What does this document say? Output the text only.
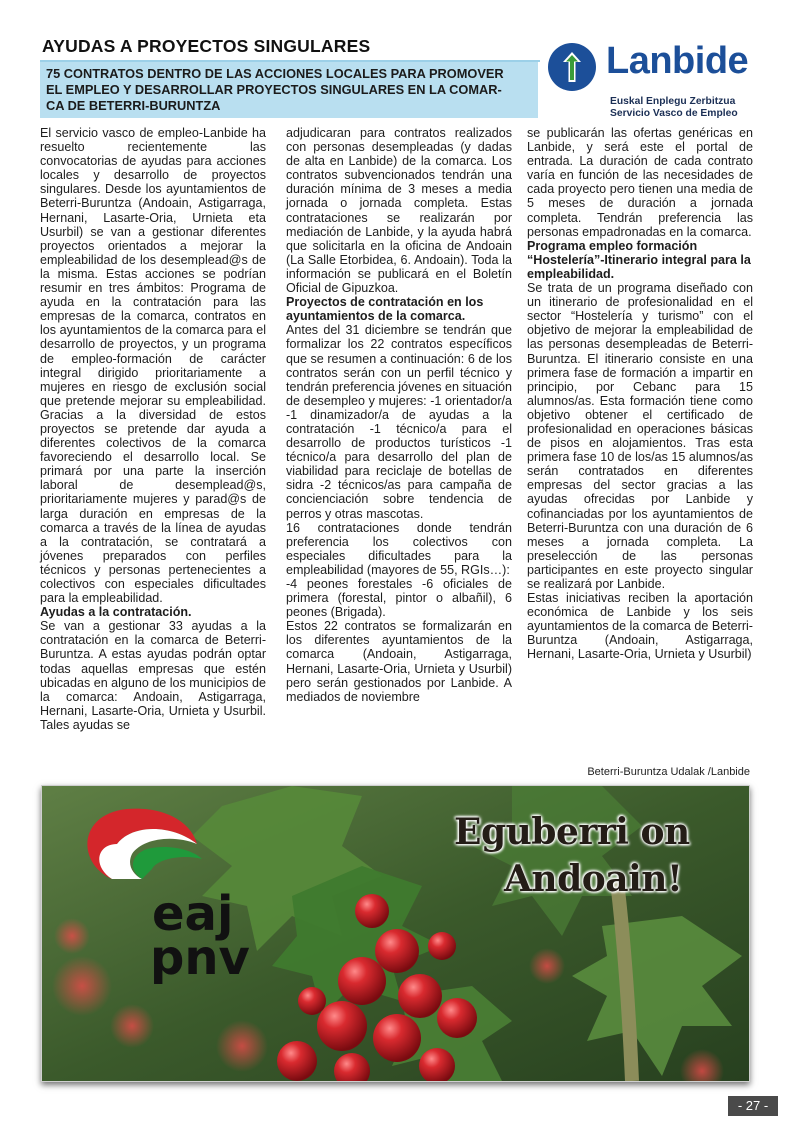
AYUDAS A PROYECTOS SINGULARES
75 CONTRATOS DENTRO DE LAS ACCIONES LOCALES PARA PROMOVER
EL EMPLEO Y DESARROLLAR PROYECTOS SINGULARES EN LA COMAR-
CA DE BETERRI-BURUNTZA
Lanbide
Euskal Enplegu Zerbitzua
Servicio Vasco de Empleo

El servicio vasco de empleo-Lanbide ha resuelto recientemente las convocatorias de ayudas para acciones locales y desarrollo de proyectos singulares. Desde los ayuntamientos de Beterri-Buruntza (Andoain, Astigarraga, Hernani, Lasarte-Oria, Urnieta eta Usurbil) se van a gestionar diferentes proyectos orientados a mejorar la empleabilidad de los desemplead@s de la misma. Estas acciones se podrían resumir en tres ámbitos: Programa de ayuda en la contratación para las empresas de la comarca, contratos en los ayuntamientos de la comarca para el desarrollo de proyectos, y un programa de empleo-formación de carácter integral dirigido prioritariamente a mujeres en riesgo de exclusión social que pretende mejorar su empleabilidad. Gracias a la diversidad de estos proyectos se pretende dar ayuda a diferentes colectivos de la comarca favoreciendo el desarrollo local. Se primará por una parte la inserción laboral de desemplead@s, prioritariamente mujeres y parad@s de larga duración en empresas de la comarca a través de la línea de ayudas a la contratación, se contratará a jóvenes preparados con perfiles técnicos y personas pertenecientes a colectivos con especiales dificultades para la empleabilidad.

Ayudas a la contratación.

Se van a gestionar 33 ayudas a la contratación en la comarca de Beterri-Buruntza. A estas ayudas podrán optar todas aquellas empresas que estén ubicadas en alguno de los municipios de la comarca: Andoain, Astigarraga, Hernani, Lasarte-Oria, Urnieta y Usurbil. Tales ayudas se

adjudicaran para contratos realizados con personas desempleadas (y dadas de alta en Lanbide) de la comarca. Los contratos subvencionados tendrán una duración mínima de 3 meses a media jornada o jornada completa. Estas contrataciones se realizarán por mediación de Lanbide, y la ayuda habrá que solicitarla en la oficina de Andoain (La Salle Etorbidea, 6. Andoain). Toda la información se publicará en el Boletín Oficial de Gipuzkoa.

Proyectos de contratación en los ayuntamientos de la comarca.

Antes del 31 diciembre se tendrán que formalizar los 22 contratos específicos que se resumen a continuación: 6 de los contratos serán con un perfil técnico y tendrán preferencia jóvenes en situación de desempleo y mujeres: -1 orientador/a -1 dinamizador/a de ayudas a la contratación -1 técnico/a para el desarrollo de productos turísticos -1 técnico/a para desarrollo del plan de viabilidad para reciclaje de botellas de sidra -2 técnicos/as para campaña de concienciación sobre tendencia de perros y otras mascotas.

16 contrataciones donde tendrán preferencia los colectivos con especiales dificultades para la empleabilidad (mayores de 55, RGIs…):

-4 peones forestales -6 oficiales de primera (forestal, pintor o albañil), 6 peones (Brigada).

Estos 22 contratos se formalizarán en los diferentes ayuntamientos de la comarca (Andoain, Astigarraga, Hernani, Lasarte-Oria, Urnieta y Usurbil) pero serán gestionados por Lanbide. A mediados de noviembre

se publicarán las ofertas genéricas en Lanbide, y será este el portal de entrada. La duración de cada contrato varía en función de las necesidades de cada proyecto pero tienen una media de 5 meses de duración a jornada completa. Tendrán preferencia las personas empadronadas en la comarca.

Programa empleo formación “Hostelería”-Itinerario integral para la empleabilidad.

Se trata de un programa diseñado con un itinerario de profesionalidad en el sector “Hostelería y turismo” con el objetivo de mejorar la empleabilidad de las personas desempleadas de Beterri- Buruntza. El itinerario consiste en una primera fase de formación a impartir en principio, por Cebanc para 15 alumnos/as. Esta formación tiene como objetivo obtener el certificado de profesionalidad en operaciones básicas de pisos en alojamientos. Tras esta primera fase 10 de los/as 15 alumnos/as serán contratados en diferentes empresas del sector gracias a las ayudas ofrecidas por Lanbide y cofinanciadas por los ayuntamientos de Beterri-Buruntza con una duración de 6 meses a jornada completa. La preselección de las personas participantes en este proyecto singular se realizará por Lanbide.

Estas iniciativas reciben la aportación económica de Lanbide y los seis ayuntamientos de la comarca de Beterri-Buruntza (Andoain, Astigarraga, Hernani, Lasarte-Oria, Urnieta y Usurbil)

Beterri-Buruntza Udalak /Lanbide
eaj
pnv
Eguberri on
Andoain!
- 27 -
